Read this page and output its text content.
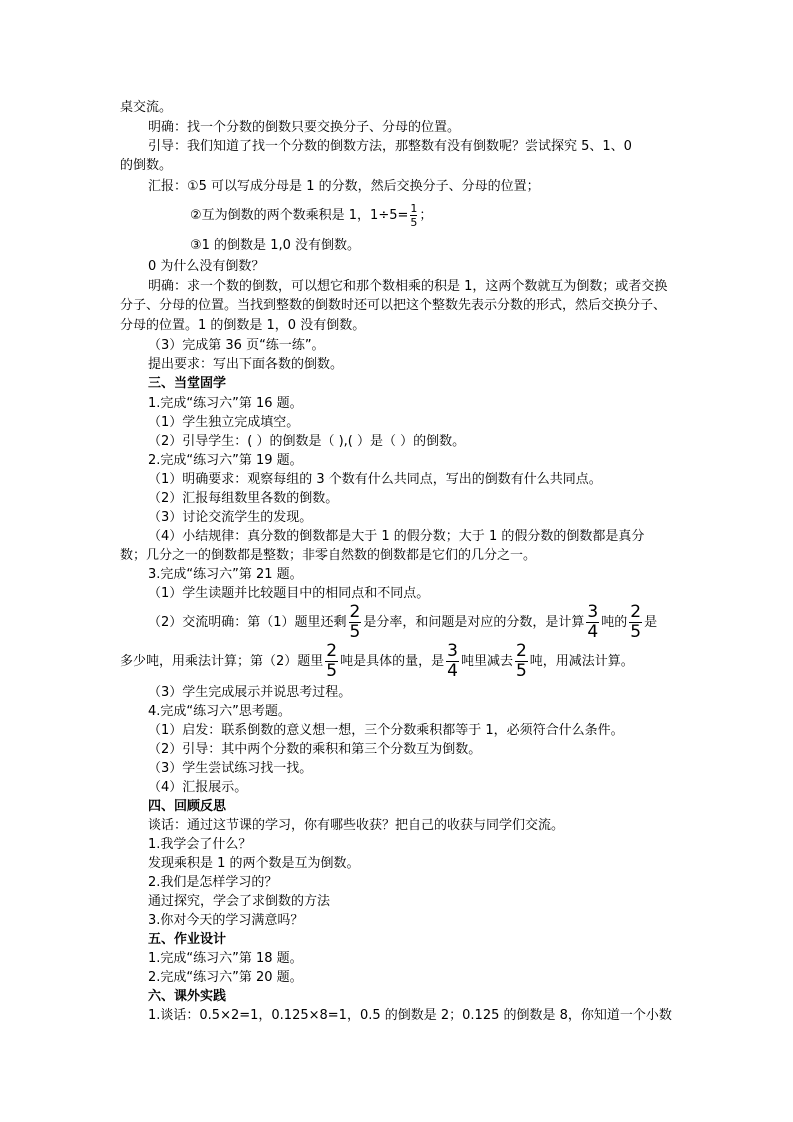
桌交流。
明确：找一个分数的倒数只要交换分子、分母的位置。
引导：我们知道了找一个分数的倒数方法，那整数有没有倒数呢？尝试探究 5、1、0
的倒数。
汇报：①5 可以写成分母是 1 的分数，然后交换分子、分母的位置；
②互为倒数的两个数乘积是 1，$1\div 5= \frac{1}{5}$ ；
③1 的倒数是 1,0 没有倒数。
0 为什么没有倒数？
明确：求一个数的倒数，可以想它和那个数相乘的积是 1，这两个数就互为倒数；或者交换
分子、分母的位置。当找到整数的倒数时还可以把这个整数先表示分数的形式，然后交换分子、
分母的位置。1 的倒数是 1，0 没有倒数。
（3）完成第 36 页“练一练”。
提出要求：写出下面各数的倒数。
三、当堂固学
1.完成“练习六”第 16 题。
（1）学生独立完成填空。
（2）引导学生：( ）的倒数是（ ),( ）是（ ）的倒数。
2.完成“练习六”第 19 题。
（1）明确要求：观察每组的 3 个数有什么共同点，写出的倒数有什么共同点。
（2）汇报每组数里各数的倒数。
（3）讨论交流学生的发现。
（4）小结规律：真分数的倒数都是大于 1 的假分数；大于 1 的假分数的倒数都是真分
数；几分之一的倒数都是整数；非零自然数的倒数都是它们的几分之一。
3.完成“练习六”第 21 题。
（1）学生读题并比较题目中的相同点和不同点。
（2）交流明确：第（1）题里还剩 $\frac{2}{5}$ 是分率，和问题是对应的分数，是计算 $\frac{3}{4}$ 吨的 $\frac{2}{5}$ 是
多少吨，用乘法计算；第（2）题里 $\frac{2}{5}$ 吨是具体的量，是 $\frac{3}{4}$ 吨里减去 $\frac{2}{5}$ 吨，用减法计算。
（3）学生完成展示并说思考过程。
4.完成“练习六”思考题。
（1）启发：联系倒数的意义想一想，三个分数乘积都等于 1，必须符合什么条件。
（2）引导：其中两个分数的乘积和第三个分数互为倒数。
（3）学生尝试练习找一找。
（4）汇报展示。
四、回顾反思
谈话：通过这节课的学习，你有哪些收获？把自己的收获与同学们交流。
1.我学会了什么？
发现乘积是 1 的两个数是互为倒数。
2.我们是怎样学习的？
通过探究，学会了求倒数的方法
3.你对今天的学习满意吗？
五、作业设计
1.完成“练习六”第 18 题。
2.完成“练习六”第 20 题。
六、课外实践
1.谈话：0.5×2=1，0.125×8=1，0.5 的倒数是 2；0.125 的倒数是 8，你知道一个小数
